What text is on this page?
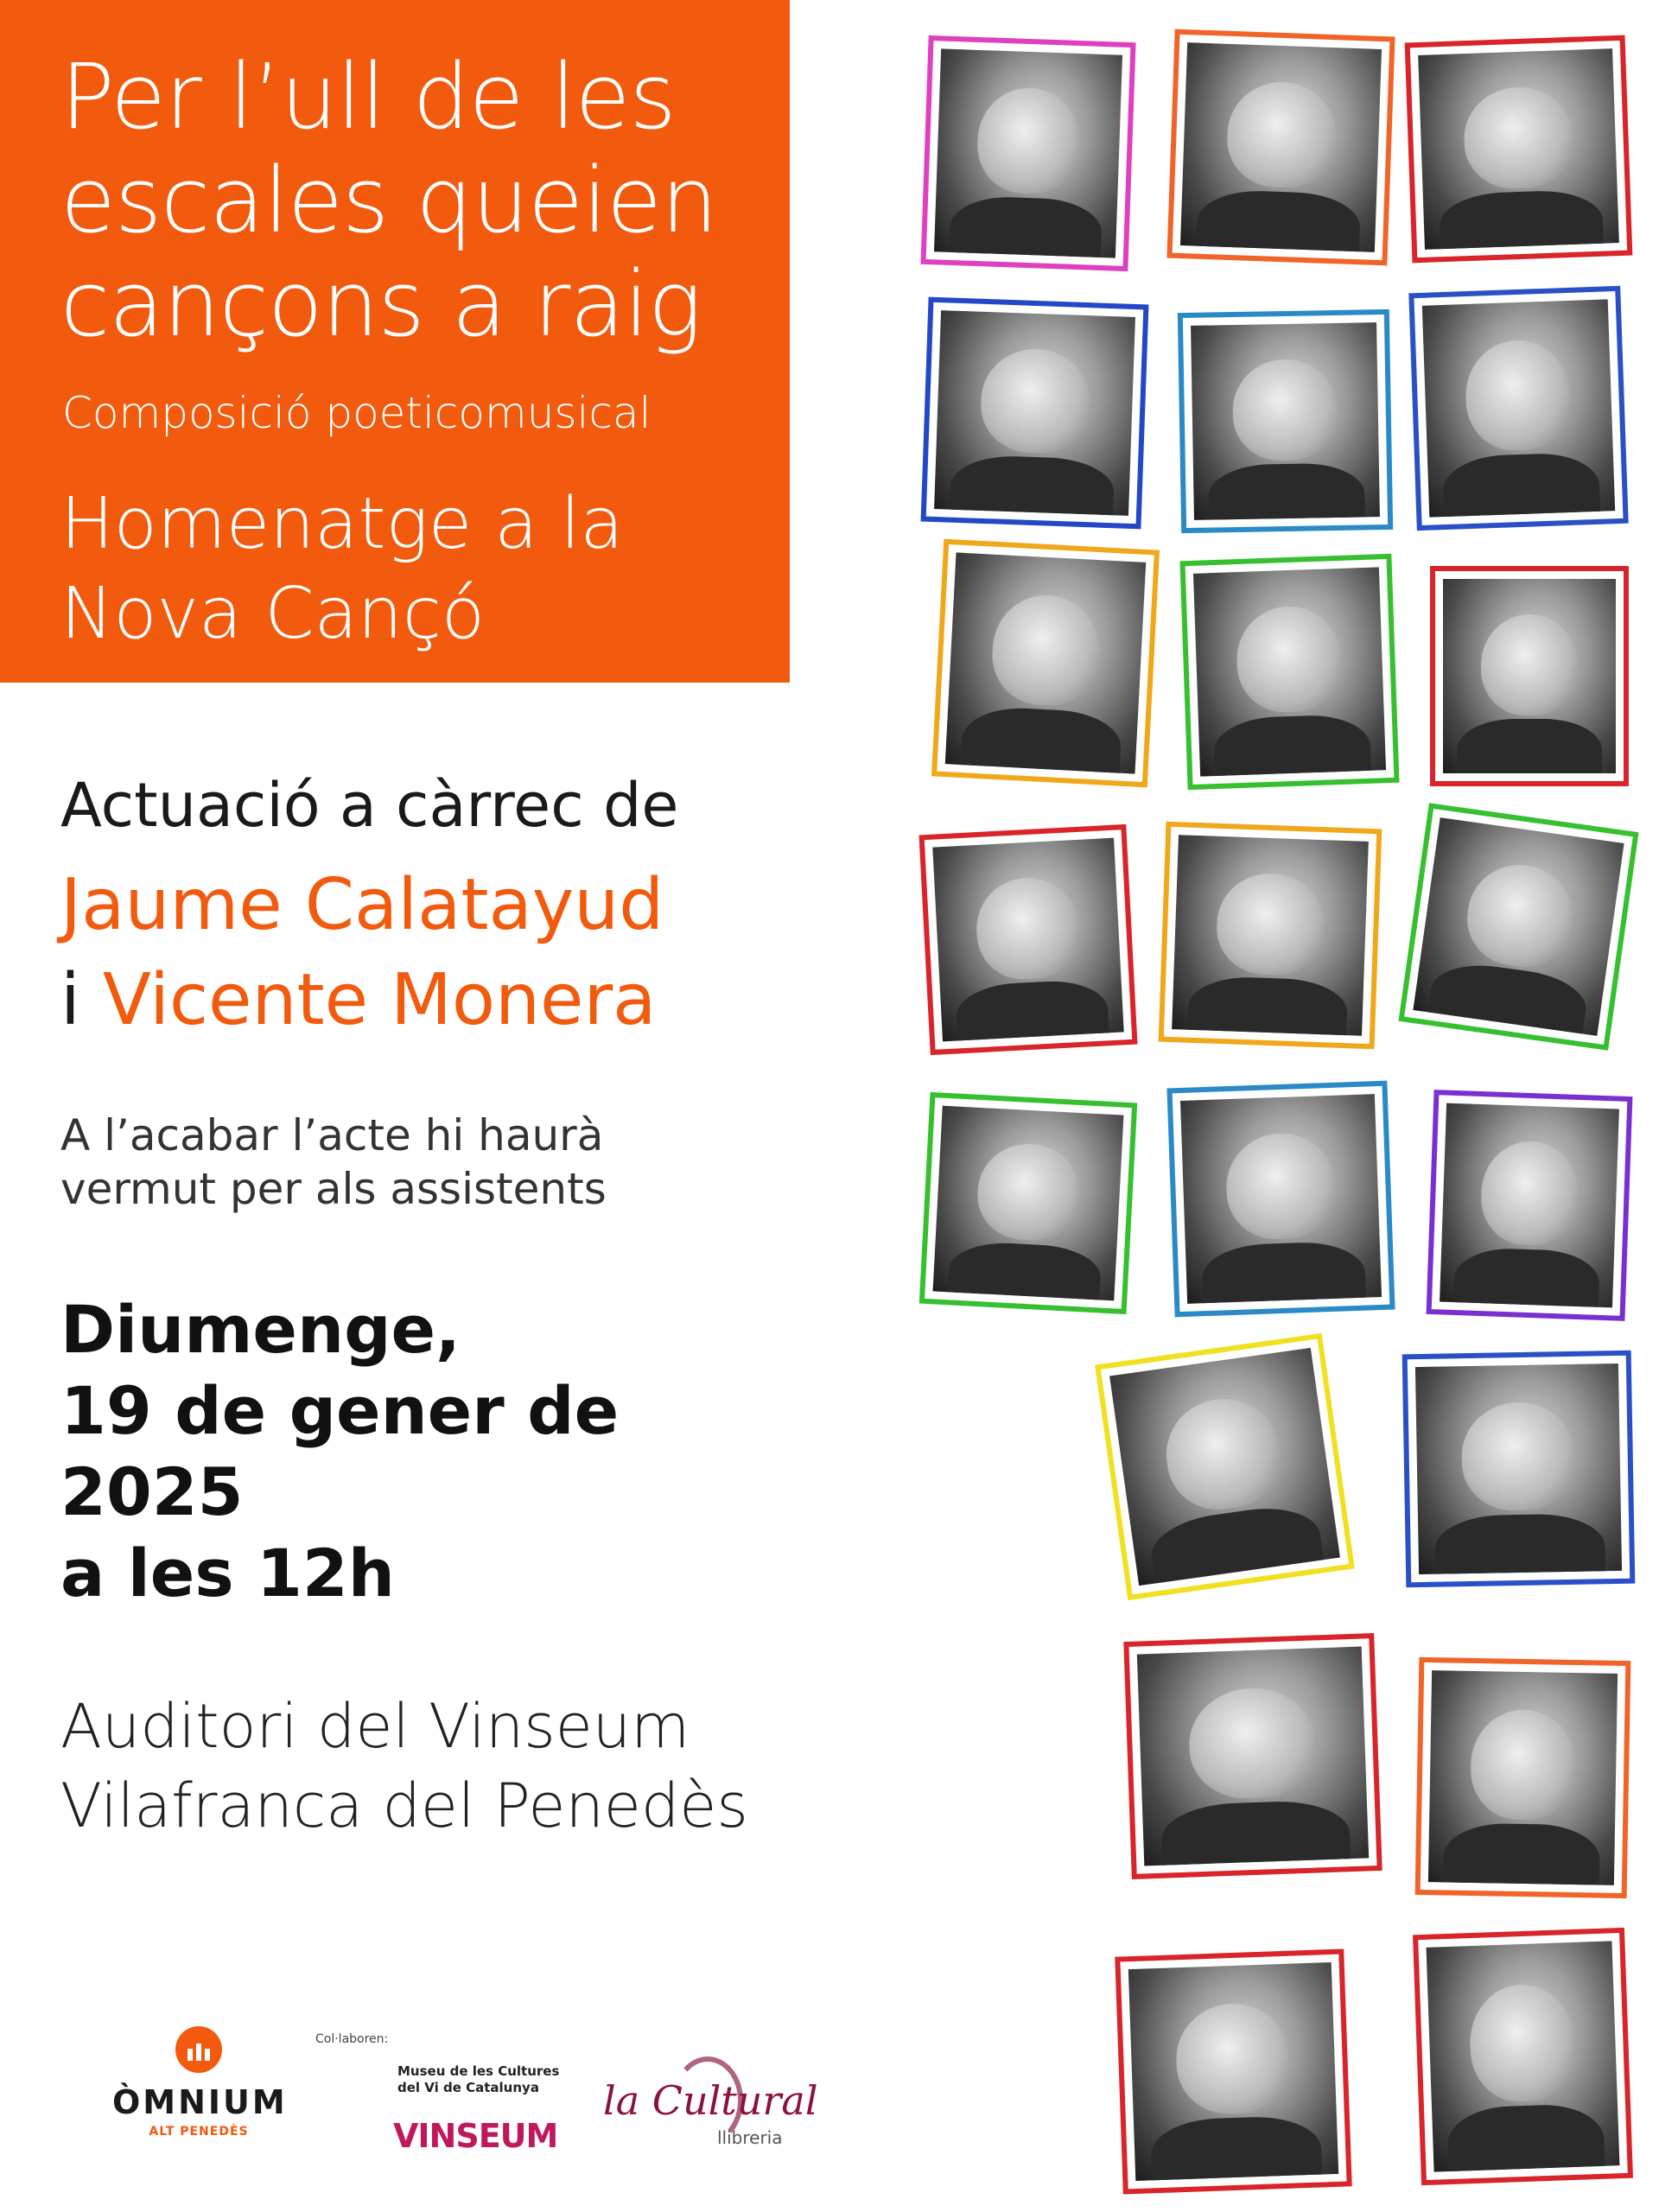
Per l’ull de les
escales queien
cançons a raig
Composició poeticomusical
Homenatge a la
Nova Cançó
Actuació a càrrec de
Jaume Calatayud
i Vicente Monera
A l’acabar l’acte hi haurà
vermut per als assistents
Diumenge,
19 de gener de
2025
a les 12h
Auditori del Vinseum
Vilafranca del Penedès
ÒMNIUM
ALT PENEDÈS
Col·laboren:
Museu de les Cultures
del Vi de Catalunya
VINSEUM
la Cultural
llibreria
